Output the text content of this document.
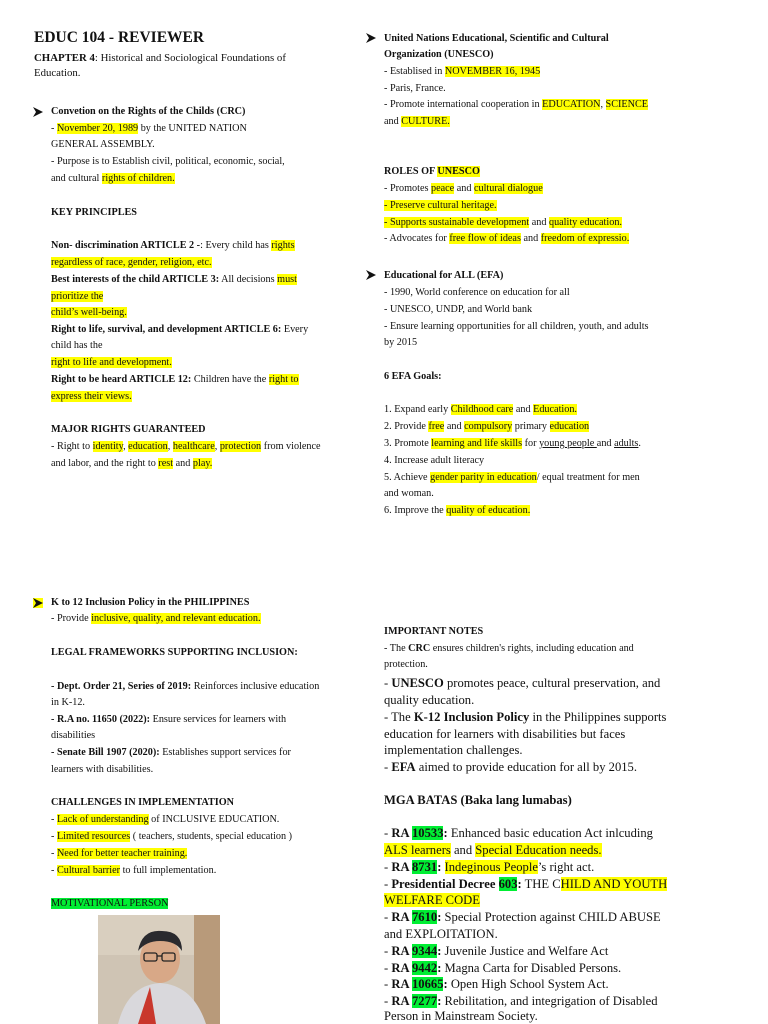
EDUC 104 - REVIEWER
CHAPTER 4: Historical and Sociological Foundations of
Education.
Convetion on the Rights of the Childs (CRC)
- November 20, 1989 by the UNITED NATION
GENERAL ASSEMBLY.
- Purpose is to Establish civil, political, economic, social,
and cultural rights of children.
KEY PRINCIPLES
Non- discrimination ARTICLE 2 -: Every child has rights
regardless of race, gender, religion, etc.
Best interests of the child ARTICLE 3: All decisions must
prioritize the
child’s well-being.
Right to life, survival, and development ARTICLE 6: Every
child has the
right to life and development.
Right to be heard ARTICLE 12: Children have the right to
express their views.
MAJOR RIGHTS GUARANTEED
- Right to identity, education, healthcare, protection from violence
and labor, and the right to rest and play.
K to 12 Inclusion Policy in the PHILIPPINES
- Provide inclusive, quality, and relevant education.
LEGAL FRAMEWORKS SUPPORTING INCLUSION:
- Dept. Order 21, Series of 2019: Reinforces inclusive education
in K-12.
- R.A no. 11650 (2022): Ensure services for learners with
disabilities
- Senate Bill 1907 (2020): Establishes support services for
learners with disabilities.
CHALLENGES IN IMPLEMENTATION
- Lack of understanding of INCLUSIVE EDUCATION.
- Limited resources ( teachers, students, special education )
- Need for better teacher training.
- Cultural barrier to full implementation.
MOTIVATIONAL PERSON
United Nations Educational, Scientific and Cultural
Organization (UNESCO)
- Establised in NOVEMBER 16, 1945
- Paris, France.
- Promote international cooperation in EDUCATION, SCIENCE
and CULTURE.
ROLES OF UNESCO
- Promotes peace and cultural dialogue
- Preserve cultural heritage.
- Supports sustainable development and quality education.
- Advocates for free flow of ideas and freedom of expressio.
Educational for ALL (EFA)
- 1990, World conference on education for all
- UNESCO, UNDP, and World bank
- Ensure learning opportunities for all children, youth, and adults
by 2015
6 EFA Goals:
1. Expand early Childhood care and Education.
2. Provide free and compulsory primary education
3. Promote learning and life skills for young people and adults.
4. Increase adult literacy
5. Achieve gender parity in education/ equal treatment for men
and woman.
6. Improve the quality of education.
IMPORTANT NOTES
- The CRC ensures children's rights, including education and
protection.
- UNESCO promotes peace, cultural preservation, and
quality education.
- The K-12 Inclusion Policy in the Philippines supports
education for learners with disabilities but faces
implementation challenges.
- EFA aimed to provide education for all by 2015.
MGA BATAS (Baka lang lumabas)
- RA 10533: Enhanced basic education Act inlcuding
ALS learners and Special Education needs.
- RA 8731: Indeginous People’s right act.
- Presidential Decree 603: THE CHILD AND YOUTH
WELFARE CODE
- RA 7610: Special Protection against CHILD ABUSE
and EXPLOITATION.
- RA 9344: Juvenile Justice and Welfare Act
- RA 9442: Magna Carta for Disabled Persons.
- RA 10665: Open High School System Act.
- RA 7277: Rebilitation, and integrigation of Disabled
Person in Mainstream Society.
